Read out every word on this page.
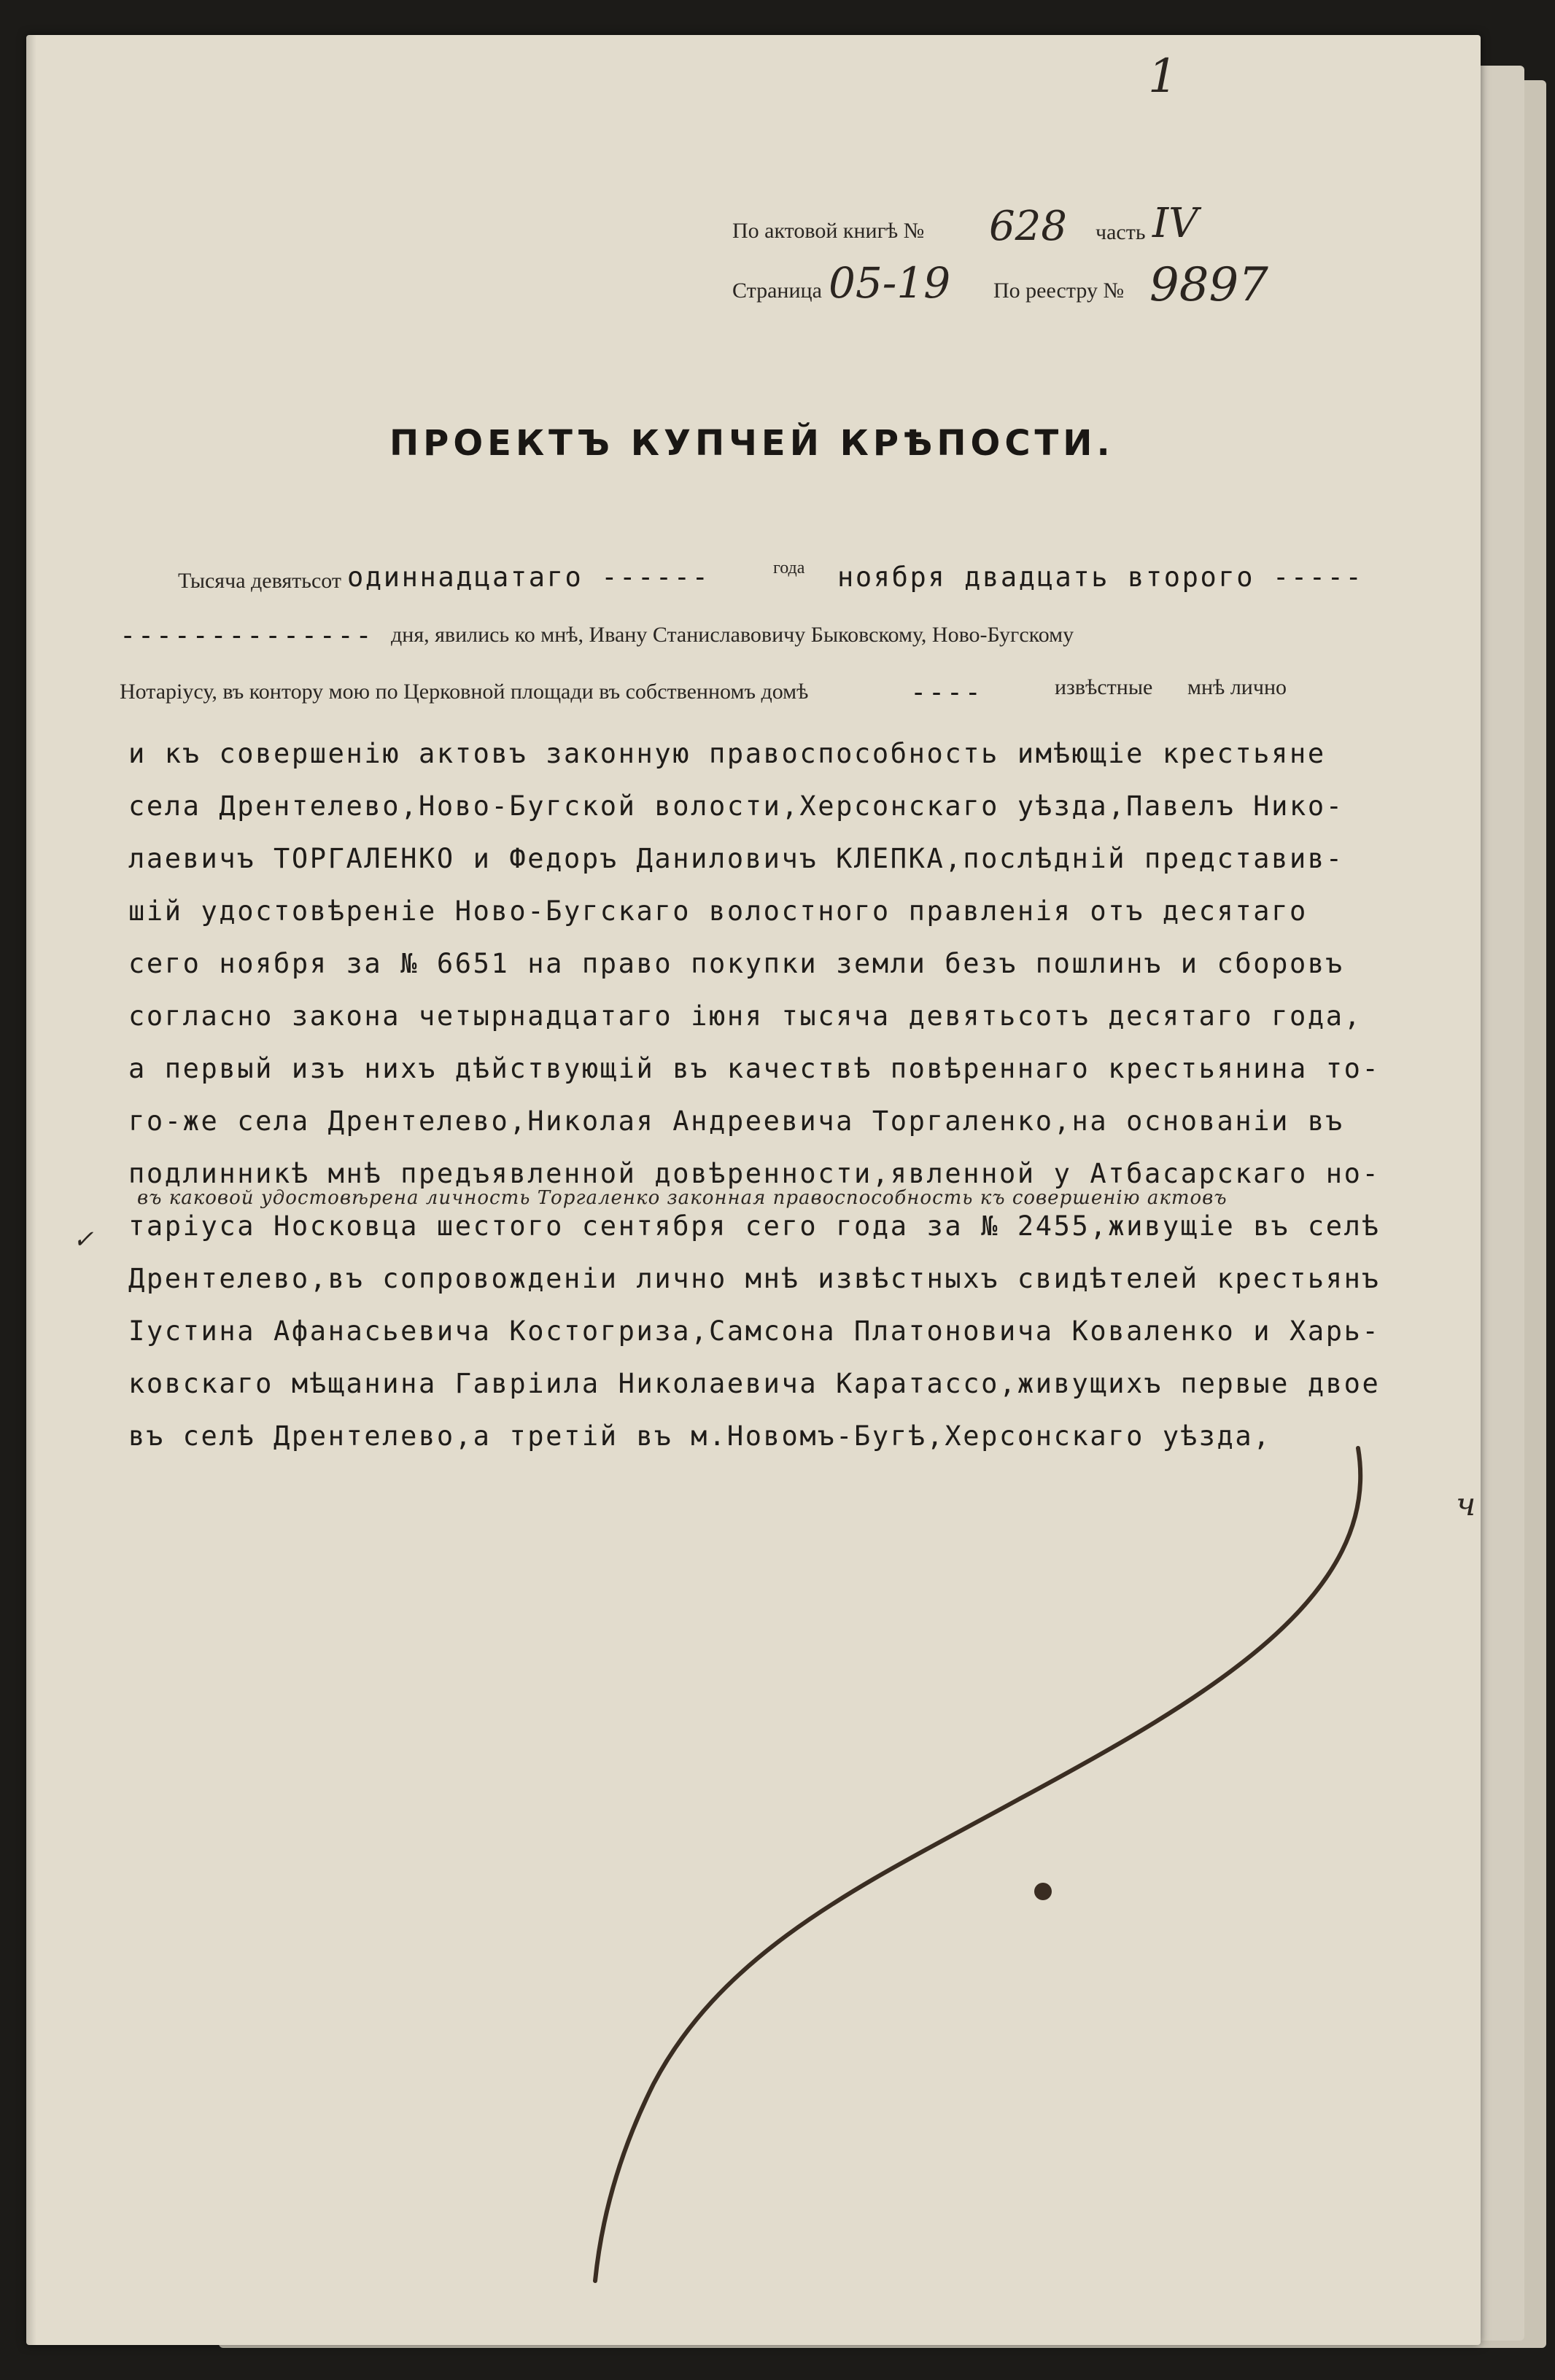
1
По актовой книгѣ № 628 часть IV
Страница 05-19 По реестру № 9897
ПРОЕКТЪ КУПЧЕЙ КРѢПОСТИ.
Тысяча девятьсот одиннадцатаго ------	года ноября двадцать второго -----
-------------- дня, явились ко мнѣ, Ивану Станиславовичу Быковскому, Ново-Бугскому
Нотаріусу, въ контору мою по Церковной площади въ собственномъ домѣ	----	извѣстные мнѣ лично
и къ совершенію актовъ законную правоспособность имѣющіе крестьяне
села Дрентелево,Ново-Бугской волости,Херсонскаго уѣзда,Павелъ Нико-
лаевичъ ТОРГАЛЕНКО и Федоръ Даниловичъ КЛЕПКА,послѣдній представив-
шій удостовѣреніе Ново-Бугскаго волостного правленія отъ десятаго
сего ноября за № 6651 на право покупки земли безъ пошлинъ и сборовъ
согласно закона четырнадцатаго іюня тысяча девятьсотъ десятаго года,
а первый изъ нихъ дѣйствующій въ качествѣ повѣреннаго крестьянина то-
го-же села Дрентелево,Николая Андреевича Торгаленко,на основаніи въ
подлинникѣ мнѣ предъявленной довѣренности,явленной у Атбасарскаго но-
таріуса Носковца шестого сентября сего года за № 2455,живущіе въ селѣ
Дрентелево,въ сопровожденіи лично мнѣ извѣстныхъ свидѣтелей крестьянъ
Іустина Афанасьевича Костогриза,Самсона Платоновича Коваленко и Харь-
ковскаго мѣщанина Гавріила Николаевича Каратассо,живущихъ первые двое
въ селѣ Дрентелево,а третій въ м.Новомъ-Бугѣ,Херсонскаго уѣзда,
въ каковой удостовѣрена личность Торгаленко законная правоспособность къ совершенію актовъ
✓
ч
